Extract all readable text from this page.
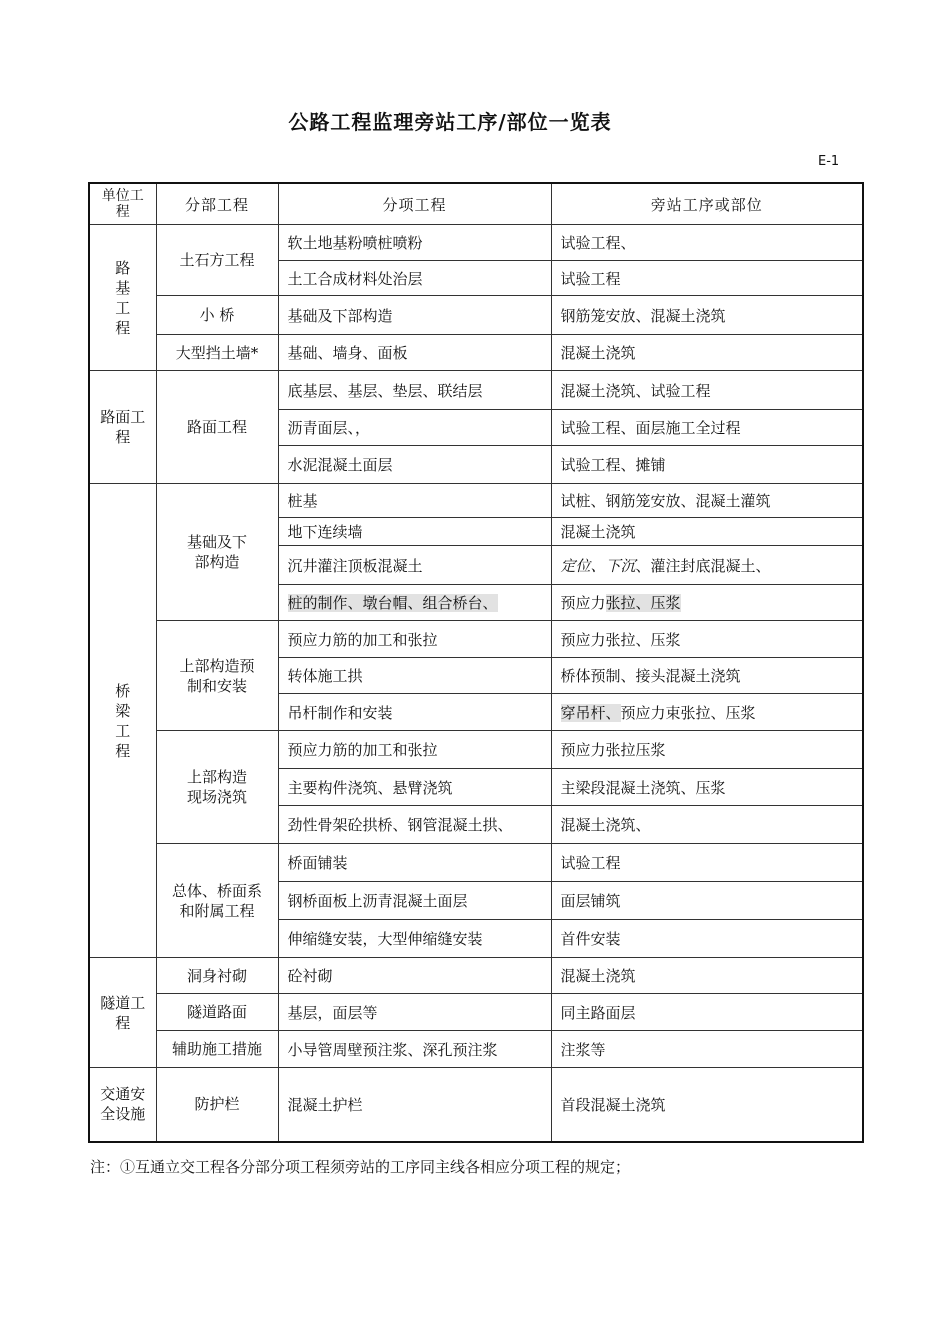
公路工程监理旁站工序/部位一览表
E-1
单位工程	分部工程	分项工程	旁站工序或部位
路基工程	土石方工程	软土地基粉喷桩喷粉	试验工程、
		土工合成材料处治层	试验工程
	小 桥	基础及下部构造	钢筋笼安放、混凝土浇筑
	大型挡土墙*	基础、墙身、面板	混凝土浇筑
路面工程	路面工程	底基层、基层、垫层、联结层	混凝土浇筑、试验工程
		沥青面层、，	试验工程、面层施工全过程
		水泥混凝土面层	试验工程、摊铺
桥梁工程	基础及下部构造	桩基	试桩、钢筋笼安放、混凝土灌筑
		地下连续墙	混凝土浇筑
		沉井灌注顶板混凝土	定位、下沉、灌注封底混凝土、
		桩的制作、墩台帽、组合桥台、	预应力张拉、压浆
	上部构造预制和安装	预应力筋的加工和张拉	预应力张拉、压浆
		转体施工拱	桥体预制、接头混凝土浇筑
		吊杆制作和安装	穿吊杆、预应力束张拉、压浆
	上部构造现场浇筑	预应力筋的加工和张拉	预应力张拉压浆
		主要构件浇筑、悬臂浇筑	主梁段混凝土浇筑、压浆
		劲性骨架砼拱桥、钢管混凝土拱、	混凝土浇筑、
	总体、桥面系和附属工程	桥面铺装	试验工程
		钢桥面板上沥青混凝土面层	面层铺筑
		伸缩缝安装，大型伸缩缝安装	首件安装
隧道工程	洞身衬砌	砼衬砌	混凝土浇筑
	隧道路面	基层，面层等	同主路面层
	辅助施工措施	小导管周壁预注浆、深孔预注浆	注浆等
交通安全设施	防护栏	混凝土护栏	首段混凝土浇筑
注：①互通立交工程各分部分项工程须旁站的工序同主线各相应分项工程的规定；
